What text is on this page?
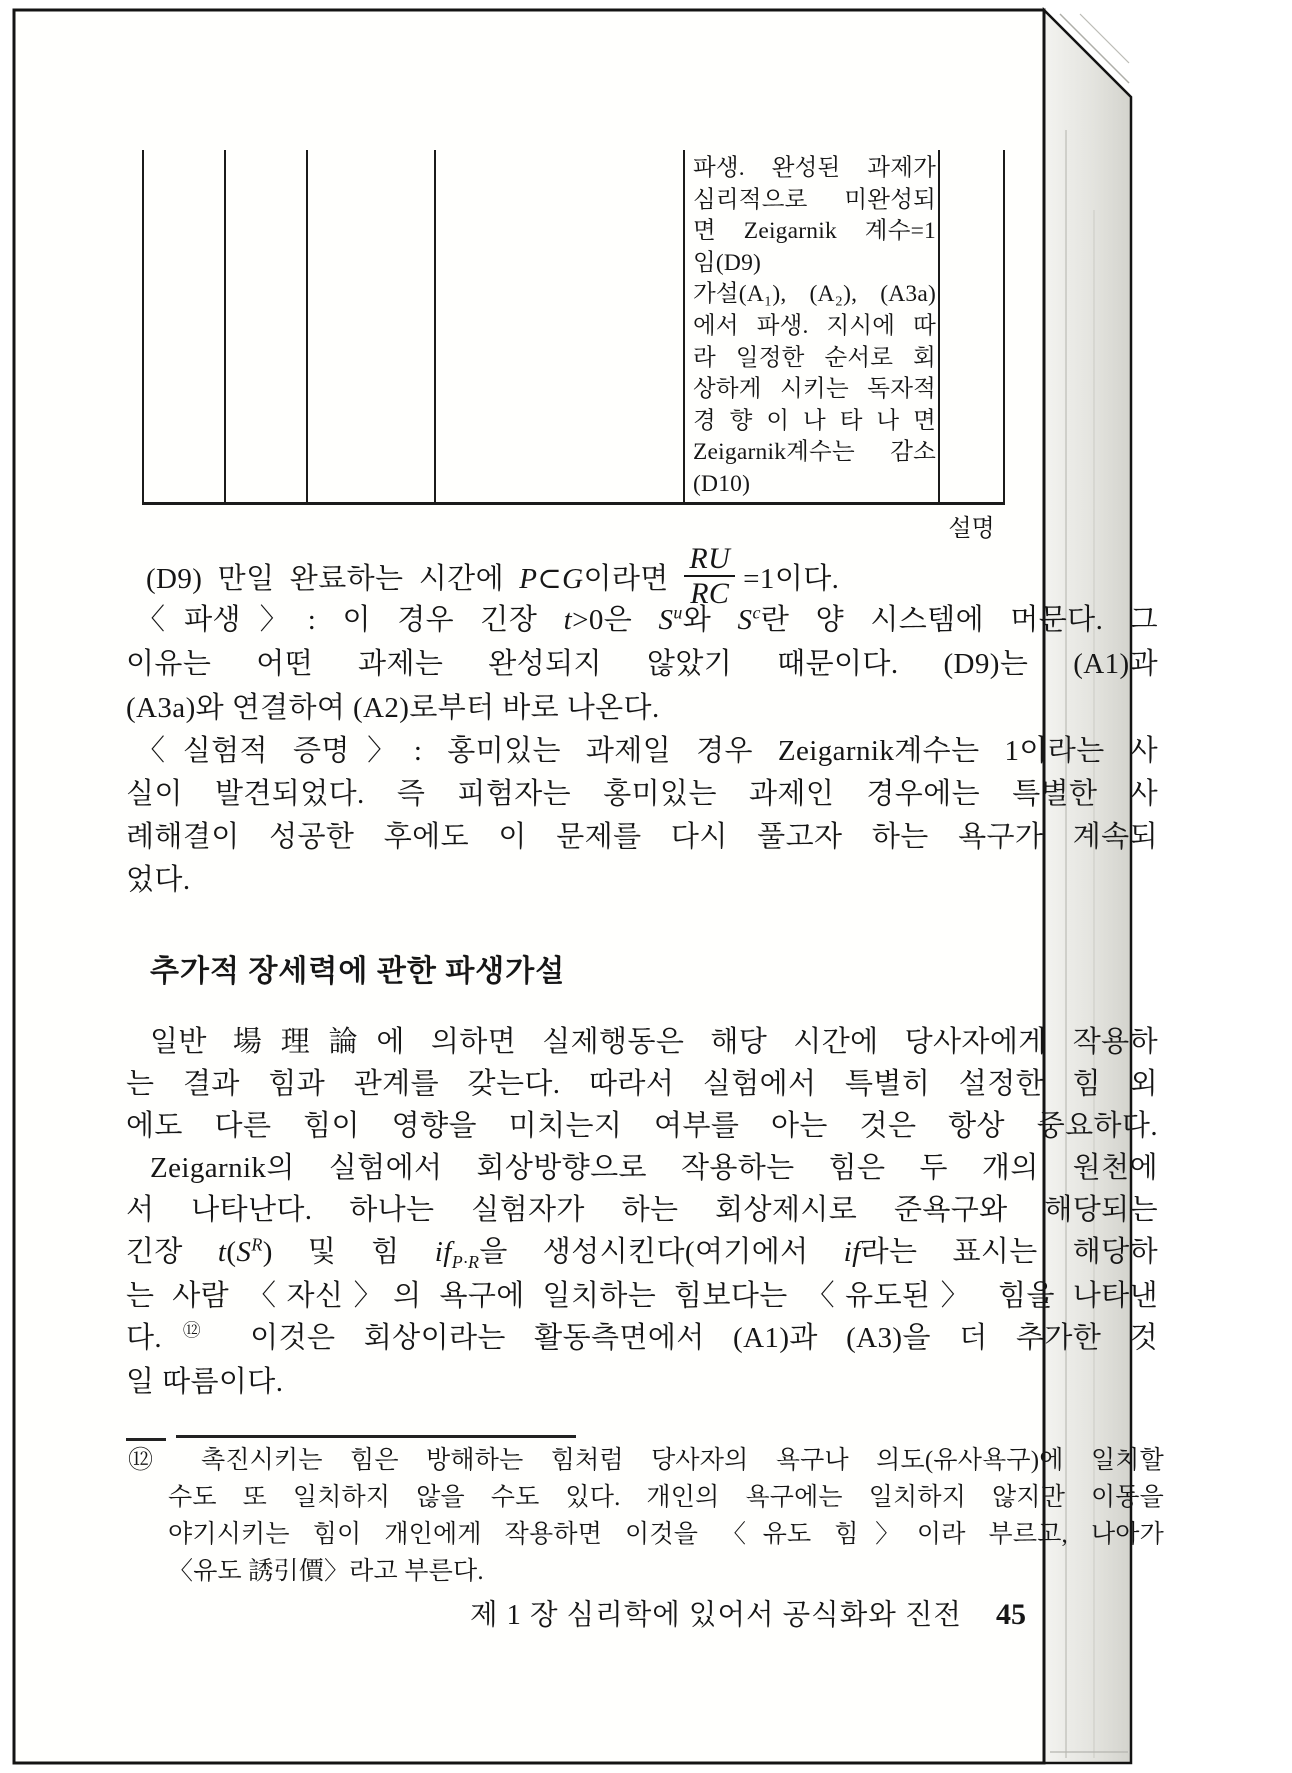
파생. 완성된 과제가
심리적으로 미완성되
면 Zeigarnik 계수=1
임(D9)
가설(A₁), (A₂), (A3a)
에서 파생. 지시에 따
라 일정한 순서로 회
상하게 시키는 독자적
경 향 이 나 타 나 면
Zeigarnik계수는 감소
(D10)
설명
(D9)  만일  완료하는  시간에  P⊂G이라면 $\frac{RU}{RC} =1$이다.
〈파생〉: 이 경우 긴장 t>0은 $S^u$와 $S^c$란 양 시스템에 머문다. 그
이유는 어떤 과제는 완성되지 않았기 때문이다. (D9)는 (A1)과
(A3a)와 연결하여 (A2)로부터 바로 나온다.
〈실험적 증명〉: 홍미있는 과제일 경우 Zeigarnik계수는 1이라는 사
실이 발견되었다. 즉 피험자는 홍미있는 과제인 경우에는 특별한 사
례해결이 성공한 후에도 이 문제를 다시 풀고자 하는 욕구가 계속되
었다.
추가적 장세력에 관한 파생가설
일반 場理論에 의하면 실제행동은 해당 시간에 당사자에게 작용하
는 결과 힘과 관계를 갖는다. 따라서 실험에서 특별히 설정한 힘 외
에도 다른 힘이 영향을 미치는지 여부를 아는 것은 항상 중요하다.
Zeigarnik의 실험에서 회상방향으로 작용하는 힘은 두 개의 원천에
서 나타난다. 하나는 실험자가 하는 회상제시로 준욕구와 해당되는
긴장 $t(S^R)$ 및 힘 $if_{P\cdot R}$을 생성시킨다(여기에서 if라는 표시는 해당하
는 사람 〈자신〉의 욕구에 일치하는 힘보다는 〈유도된〉 힘을 나타낸
다.⑫ 이것은 회상이라는 활동측면에서 (A1)과 (A3)을 더 추가한 것
일 따름이다.
⑫ 촉진시키는 힘은 방해하는 힘처럼 당사자의 욕구나 의도(유사욕구)에 일치할
수도 또 일치하지 않을 수도 있다. 개인의 욕구에는 일치하지 않지만 이동을
야기시키는 힘이 개인에게 작용하면 이것을 〈유도 힘〉이라 부르고, 나아가
〈유도 誘引價〉라고 부른다.
제 1 장 심리학에 있어서 공식화와 진전 45
